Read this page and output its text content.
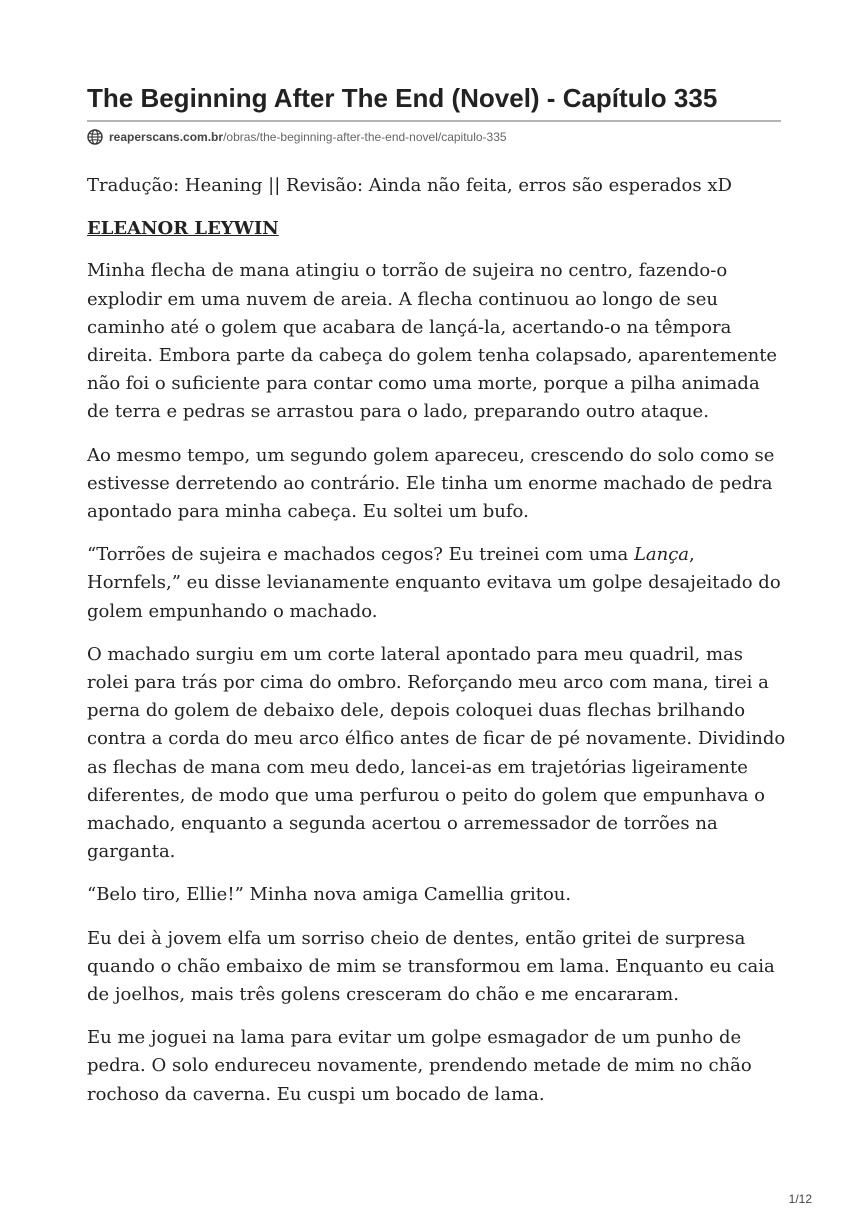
The Beginning After The End (Novel) - Capítulo 335
reaperscans.com.br /obras/the-beginning-after-the-end-novel/capitulo-335

Tradução: Heaning || Revisão: Ainda não feita, erros são esperados xD

ELEANOR LEYWIN

Minha flecha de mana atingiu o torrão de sujeira no centro, fazendo-o explodir em uma nuvem de areia. A flecha continuou ao longo de seu caminho até o golem que acabara de lançá-la, acertando-o na têmpora direita. Embora parte da cabeça do golem tenha colapsado, aparentemente não foi o suficiente para contar como uma morte, porque a pilha animada de terra e pedras se arrastou para o lado, preparando outro ataque.

Ao mesmo tempo, um segundo golem apareceu, crescendo do solo como se estivesse derretendo ao contrário. Ele tinha um enorme machado de pedra apontado para minha cabeça. Eu soltei um bufo.

“Torrões de sujeira e machados cegos? Eu treinei com uma Lança, Hornfels,” eu disse levianamente enquanto evitava um golpe desajeitado do golem empunhando o machado.

O machado surgiu em um corte lateral apontado para meu quadril, mas rolei para trás por cima do ombro. Reforçando meu arco com mana, tirei a perna do golem de debaixo dele, depois coloquei duas flechas brilhando contra a corda do meu arco élfico antes de ficar de pé novamente. Dividindo as flechas de mana com meu dedo, lancei-as em trajetórias ligeiramente diferentes, de modo que uma perfurou o peito do golem que empunhava o machado, enquanto a segunda acertou o arremessador de torrões na garganta.

“Belo tiro, Ellie!” Minha nova amiga Camellia gritou.

Eu dei à jovem elfa um sorriso cheio de dentes, então gritei de surpresa quando o chão embaixo de mim se transformou em lama. Enquanto eu caia de joelhos, mais três golens cresceram do chão e me encararam.

Eu me joguei na lama para evitar um golpe esmagador de um punho de pedra. O solo endureceu novamente, prendendo metade de mim no chão rochoso da caverna. Eu cuspi um bocado de lama.

1/12
